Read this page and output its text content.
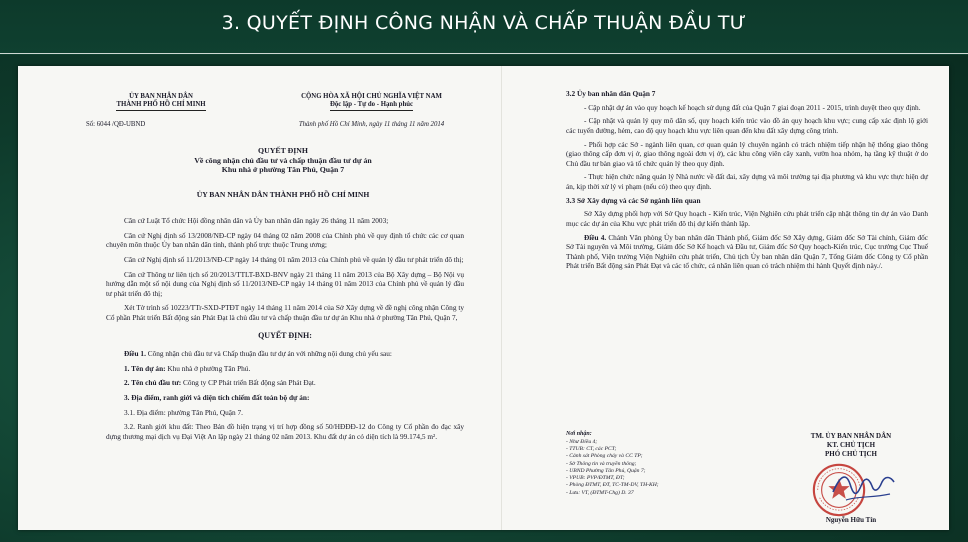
3. QUYẾT ĐỊNH CÔNG NHẬN VÀ CHẤP THUẬN ĐẦU TƯ
ỦY BAN NHÂN DÂN
THÀNH PHỐ HỒ CHÍ MINH
CỘNG HÒA XÃ HỘI CHỦ NGHĨA VIỆT NAM
Độc lập - Tự do - Hạnh phúc
Số: 6044 /QĐ-UBND	Thành phố Hồ Chí Minh, ngày 11 tháng 11 năm 2014
QUYẾT ĐỊNH
Về công nhận chủ đầu tư và chấp thuận đầu tư dự án
Khu nhà ở phường Tân Phú, Quận 7
ỦY BAN NHÂN DÂN THÀNH PHỐ HỒ CHÍ MINH

Căn cứ Luật Tổ chức Hội đồng nhân dân và Ủy ban nhân dân ngày 26 tháng 11 năm 2003;

Căn cứ Nghị định số 13/2008/NĐ-CP ngày 04 tháng 02 năm 2008 của Chính phủ về quy định tổ chức các cơ quan chuyên môn thuộc Ủy ban nhân dân tỉnh, thành phố trực thuộc Trung ương;

Căn cứ Nghị định số 11/2013/NĐ-CP ngày 14 tháng 01 năm 2013 của Chính phủ về quản lý đầu tư phát triển đô thị;

Căn cứ Thông tư liên tịch số 20/2013/TTLT-BXD-BNV ngày 21 tháng 11 năm 2013 của Bộ Xây dựng – Bộ Nội vụ hướng dẫn một số nội dung của Nghị định số 11/2013/NĐ-CP ngày 14 tháng 01 năm 2013 của Chính phủ về quản lý đầu tư phát triển đô thị;

Xét Tờ trình số 10223/TTr-SXD-PTĐT ngày 14 tháng 11 năm 2014 của Sở Xây dựng về đề nghị công nhận Công ty Cổ phần Phát triển Bất động sản Phát Đạt là chủ đầu tư và chấp thuận đầu tư dự án Khu nhà ở phường Tân Phú, Quận 7,

QUYẾT ĐỊNH:

Điều 1. Công nhận chủ đầu tư và Chấp thuận đầu tư dự án với những nội dung chủ yếu sau:

1. Tên dự án: Khu nhà ở phường Tân Phú.

2. Tên chủ đầu tư: Công ty CP Phát triển Bất động sản Phát Đạt.

3. Địa điểm, ranh giới và diện tích chiếm đất toàn bộ dự án:

3.1. Địa điểm: phường Tân Phú, Quận 7.

3.2. Ranh giới khu đất: Theo Bản đồ hiện trạng vị trí hợp đồng số 50/HĐĐĐ-12 do Công ty Cổ phần đo đạc xây dựng thương mại dịch vụ Đại Việt An lập ngày 21 tháng 02 năm 2013. Khu đất dự án có diện tích là 99.174,5 m².

3.2 Ủy ban nhân dân Quận 7

- Cập nhật dự án vào quy hoạch kế hoạch sử dụng đất của Quận 7 giai đoạn 2011 - 2015, trình duyệt theo quy định.

- Cập nhật và quản lý quy mô dân số, quy hoạch kiến trúc vào đồ án quy hoạch khu vực; cung cấp xác định lộ giới các tuyến đường, hẻm, cao độ quy hoạch khu vực liên quan đến khu đất xây dựng công trình.

- Phối hợp các Sở - ngành liên quan, cơ quan quản lý chuyên ngành có trách nhiệm tiếp nhận hệ thống giao thông (giao thông cấp đơn vị ở, giao thông ngoài đơn vị ở), các khu công viên cây xanh, vườn hoa nhóm, hạ tầng kỹ thuật ở do Chủ đầu tư bàn giao và tổ chức quản lý theo quy định.

- Thực hiện chức năng quản lý Nhà nước về đất đai, xây dựng và môi trường tại địa phương và khu vực thực hiện dự án, kịp thời xử lý vi phạm (nếu có) theo quy định.

3.3 Sở Xây dựng và các Sở ngành liên quan

Sở Xây dựng phối hợp với Sở Quy hoạch - Kiến trúc, Viện Nghiên cứu phát triển cập nhật thông tin dự án vào Danh mục các dự án của Khu vực phát triển đô thị dự kiến thành lập.

Điều 4. Chánh Văn phòng Ủy ban nhân dân Thành phố, Giám đốc Sở Xây dựng, Giám đốc Sở Tài chính, Giám đốc Sở Tài nguyên và Môi trường, Giám đốc Sở Kế hoạch và Đầu tư, Giám đốc Sở Quy hoạch-Kiến trúc, Cục trưởng Cục Thuế Thành phố, Viện trưởng Viện Nghiên cứu phát triển, Chủ tịch Ủy ban nhân dân Quận 7, Tổng Giám đốc Công ty Cổ phần Phát triển Bất động sản Phát Đạt và các tổ chức, cá nhân liên quan có trách nhiệm thi hành Quyết định này./.

Nơi nhận:
- Như Điều 4;
- TTUB: CT, các PCT;
- Cảnh sát Phòng cháy và CC TP;
- Sở Thông tin và truyền thông;
- UBND Phường Tân Phú, Quận 7;
- VPUB: PVP/ĐTMT, ĐT;
- Phòng ĐTMT, ĐT, TC-TM-DV, TH-KH;
- Lưu: VT, (ĐTMT-Chg) D. 37
TM. ỦY BAN NHÂN DÂN
KT. CHỦ TỊCH
PHÓ CHỦ TỊCH
Nguyễn Hữu Tín
